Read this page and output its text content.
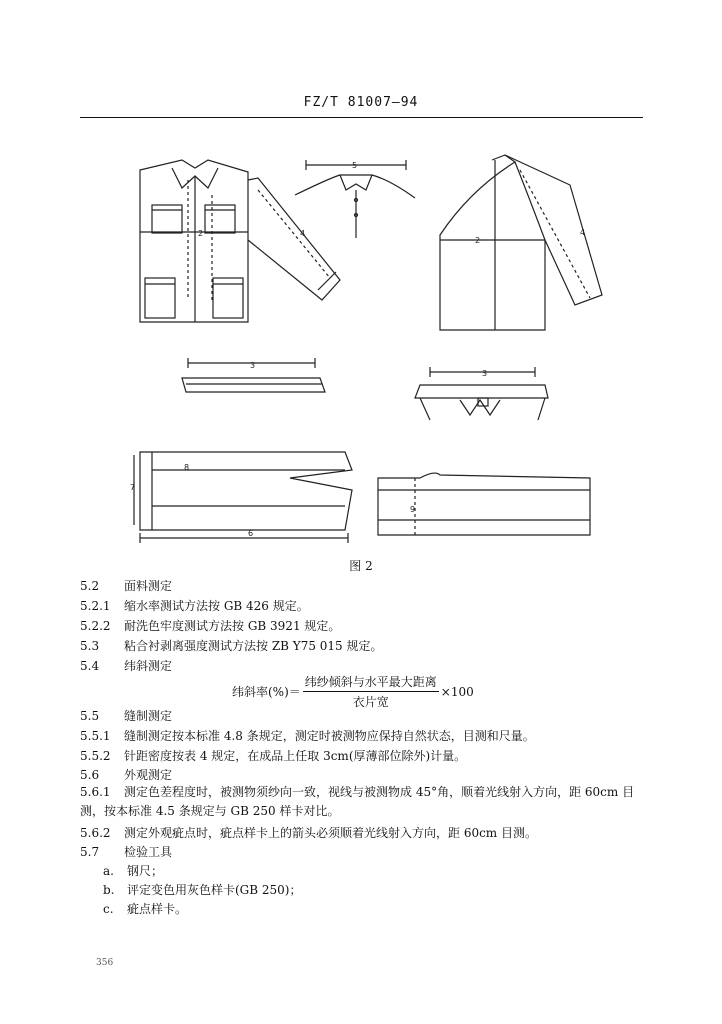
FZ/T 81007—94
2	4
5
2
4
3
3
7
8
6
9
图 2
5.2 面料测定
5.2.1 缩水率测试方法按 GB 426 规定。
5.2.2 耐洗色牢度测试方法按 GB 3921 规定。
5.3 粘合衬剥离强度测试方法按 ZB Y75 015 规定。
5.4 纬斜测定
纬斜率(%)＝ $\frac{\text{纬纱倾斜与水平最大距离}}{\text{衣片宽}} \times 100$
5.5 缝制测定
5.5.1 缝制测定按本标准 4.8 条规定，测定时被测物应保持自然状态，目测和尺量。
5.5.2 针距密度按表 4 规定，在成品上任取 3cm(厚薄部位除外)计量。
5.6 外观测定
5.6.1 测定色差程度时，被测物须纱向一致，视线与被测物成 45°角，顺着光线射入方向，距 60cm 目测，按本标准 4.5 条规定与 GB 250 样卡对比。
5.6.2 测定外观疵点时，疵点样卡上的箭头必须顺着光线射入方向，距 60cm 目测。
5.7 检验工具
a. 钢尺；
b. 评定变色用灰色样卡(GB 250)；
c. 疵点样卡。
356
